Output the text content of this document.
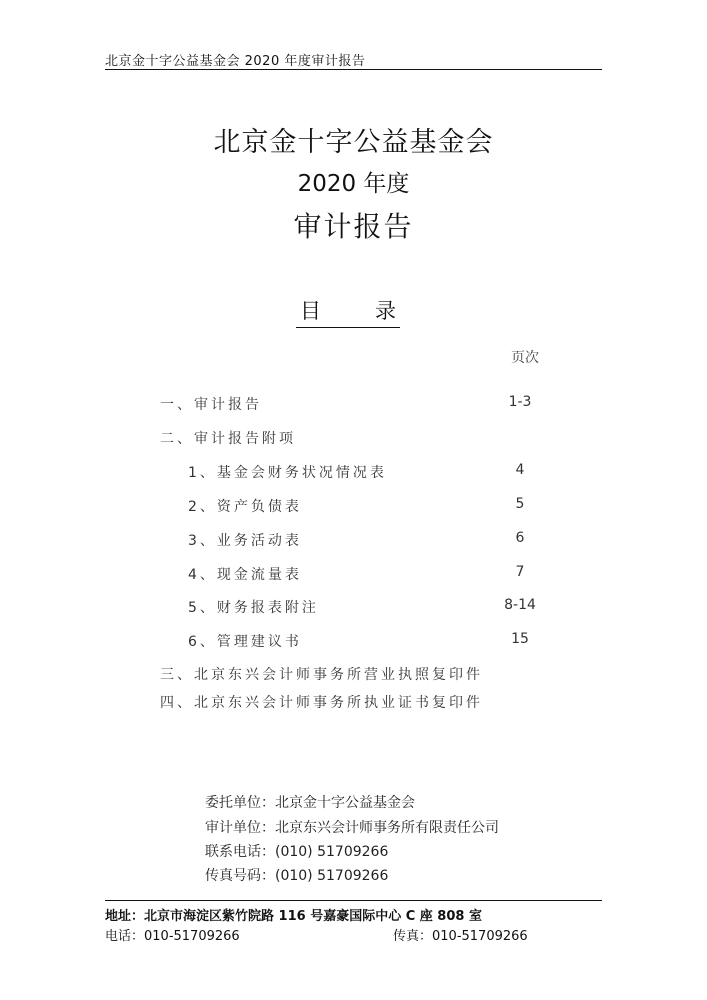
北京金十字公益基金会 2020 年度审计报告
北京金十字公益基金会
2020 年度
审计报告
目	录
页次
一、审计报告	1-3
二、审计报告附项
1、基金会财务状况情况表	4
2、资产负债表	5
3、业务活动表	6
4、现金流量表	7
5、财务报表附注	8-14
6、管理建议书	15
三、北京东兴会计师事务所营业执照复印件
四、北京东兴会计师事务所执业证书复印件
委托单位：北京金十字公益基金会
审计单位：北京东兴会计师事务所有限责任公司
联系电话：(010) 51709266
传真号码：(010) 51709266
地址：北京市海淀区紫竹院路 116 号嘉豪国际中心 C 座 808 室
电话：010-51709266	传真：010-51709266
